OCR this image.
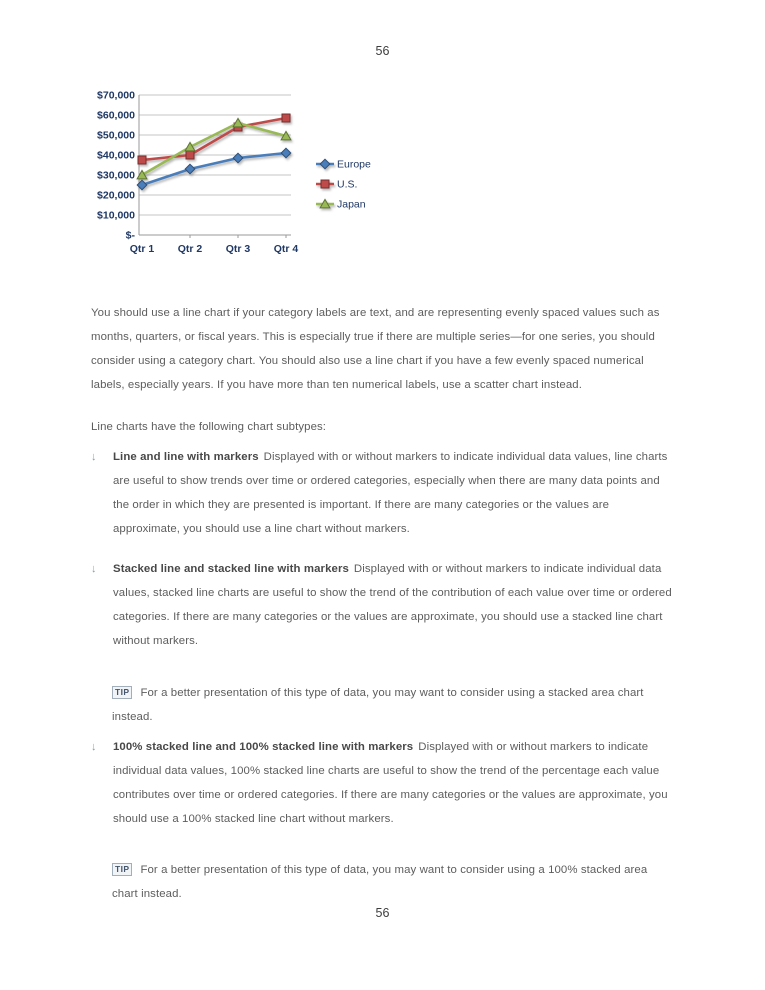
56
$-
$10,000
$20,000
$30,000
$40,000
$50,000
$60,000
$70,000
Qtr 1 Qtr 2 Qtr 3 Qtr 4
Europe
U.S.
Japan

You should use a line chart if your category labels are text, and are representing evenly spaced values such as months, quarters, or fiscal years. This is especially true if there are multiple series—for one series, you should consider using a category chart. You should also use a line chart if you have a few evenly spaced numerical labels, especially years. If you have more than ten numerical labels, use a scatter chart instead.

Line charts have the following chart subtypes:

↓	Line and line with markers Displayed with or without markers to indicate individual data values, line charts are useful to show trends over time or ordered categories, especially when there are many data points and the order in which they are presented is important. If there are many categories or the values are approximate, you should use a line chart without markers.
↓	Stacked line and stacked line with markers Displayed with or without markers to indicate individual data values, stacked line charts are useful to show the trend of the contribution of each value over time or ordered categories. If there are many categories or the values are approximate, you should use a stacked line chart without markers.

TIP For a better presentation of this type of data, you may want to consider using a stacked area chart instead.

↓	100% stacked line and 100% stacked line with markers Displayed with or without markers to indicate individual data values, 100% stacked line charts are useful to show the trend of the percentage each value contributes over time or ordered categories. If there are many categories or the values are approximate, you should use a 100% stacked line chart without markers.

TIP For a better presentation of this type of data, you may want to consider using a 100% stacked area chart instead.

56
